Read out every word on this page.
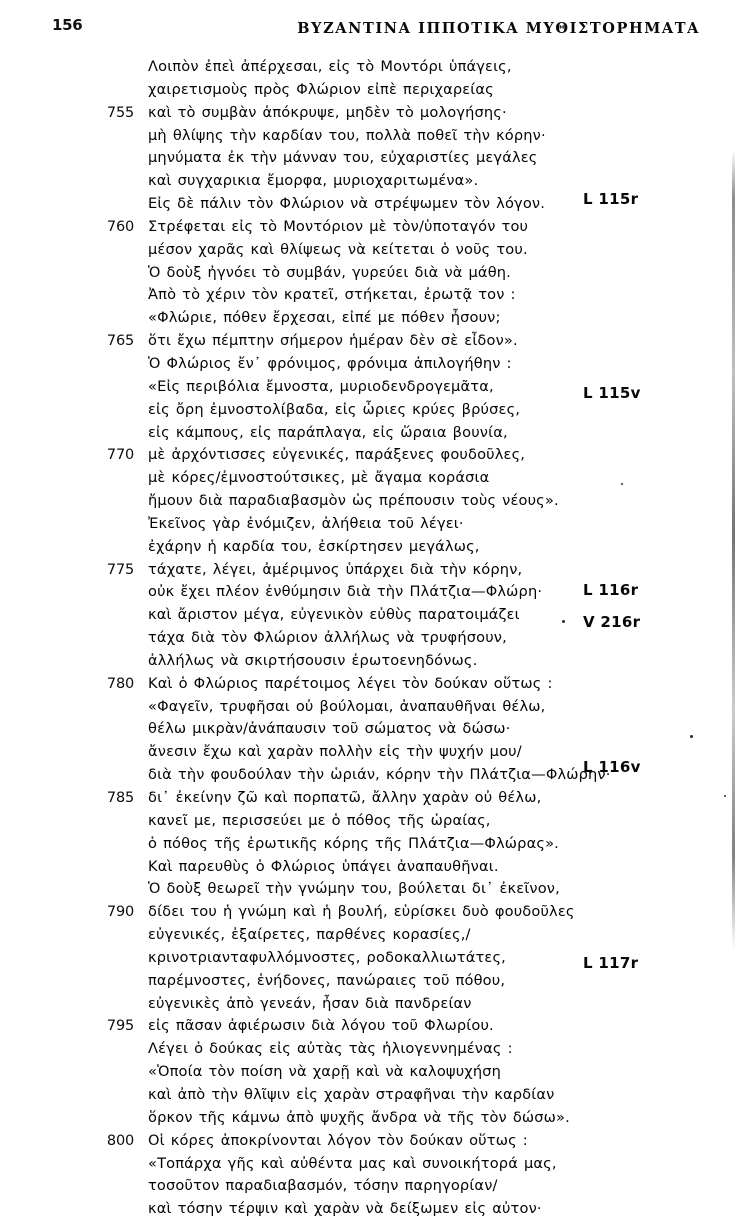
156	ΒΥΖΑΝΤΙΝΑ ΙΠΠΟΤΙΚΑ ΜΥΘΙΣΤΟΡΗΜΑΤΑ
Λοιπὸν ἐπεὶ ἀπέρχεσαι, εἰς τὸ Μοντόρι ὑπάγεις,
χαιρετισμοὺς πρὸς Φλώριον εἰπὲ περιχαρείας
755 καὶ τὸ συμβὰν ἀπόκρυψε, μηδὲν τὸ μολογήσης·
μὴ θλίψης τὴν καρδίαν του, πολλὰ ποθεῖ τὴν κόρην·
μηνύματα ἐκ τὴν μάνναν του, εὐχαριστίες μεγάλες
καὶ συγχαρικια ἔμορφα, μυριοχαριτωμένα».
Εἰς δὲ πάλιν τὸν Φλώριον νὰ στρέψωμεν τὸν λόγον.
760 Στρέφεται εἰς τὸ Μοντόριον μὲ τὸν/ὑποταγόν του
μέσον χαρᾶς καὶ θλίψεως νὰ κείτεται ὁ νοῦς του.
Ὁ δοὺξ ἠγνόει τὸ συμβάν, γυρεύει διὰ νὰ μάθη.
Ἀπὸ τὸ χέριν τὸν κρατεῖ, στήκεται, ἐρωτᾷ τον :
«Φλώριε, πόθεν ἔρχεσαι, εἰπέ με πόθεν ἦσουν;
765 ὅτι ἔχω πέμπτην σήμερον ἡμέραν δὲν σὲ εἶδον».
Ὁ Φλώριος ἔν᾽ φρόνιμος, φρόνιμα ἀπιλογήθην :
«Εἰς περιβόλια ἔμνοστα, μυριοδενδρογεμᾶτα,
εἰς ὄρη ἐμνοστολίβαδα, εἰς ὧριες κρύες βρύσες,
εἰς κάμπους, εἰς παράπλαγα, εἰς ὥραια βουνία,
770 μὲ ἀρχόντισσες εὐγενικές, παράξενες φουδοῦλες,
μὲ κόρες/ἐμνοστούτσικες, μὲ ἄγαμα κοράσια
ἤμουν διὰ παραδιαβασμὸν ὡς πρέπουσιν τοὺς νέους».
Ἐκεῖνος γὰρ ἐνόμιζεν, ἀλήθεια τοῦ λέγει·
ἐχάρην ἡ καρδία του, ἐσκίρτησεν μεγάλως,
775 τάχατε, λέγει, ἀμέριμνος ὑπάρχει διὰ τὴν κόρην,
οὐκ ἔχει πλέον ἐνθύμησιν διὰ τὴν Πλάτζια—Φλώρη·
καὶ ἄριστον μέγα, εὐγενικὸν εὐθὺς παρατοιμάζει
τάχα διὰ τὸν Φλώριον ἀλλήλως νὰ τρυφήσουν,
ἀλλήλως νὰ σκιρτήσουσιν ἐρωτοενηδόνως.
780 Καὶ ὁ Φλώριος παρέτοιμος λέγει τὸν δούκαν οὕτως :
«Φαγεῖν, τρυφῆσαι οὐ βούλομαι, ἀναπαυθῆναι θέλω,
θέλω μικρὰν/ἀνάπαυσιν τοῦ σώματος νὰ δώσω·
ἄνεσιν ἔχω καὶ χαρὰν πολλὴν εἰς τὴν ψυχήν μου/
διὰ τὴν φουδούλαν τὴν ὡριάν, κόρην τὴν Πλάτζια—Φλώρην·
785 δι᾽ ἐκείνην ζῶ καὶ πορπατῶ, ἄλλην χαρὰν οὐ θέλω,
κανεῖ με, περισσεύει με ὁ πόθος τῆς ὡραίας,
ὁ πόθος τῆς ἐρωτικῆς κόρης τῆς Πλάτζια—Φλώρας».
Καὶ παρευθὺς ὁ Φλώριος ὑπάγει ἀναπαυθῆναι.
Ὁ δοὺξ θεωρεῖ τὴν γνώμην του, βούλεται δι᾽ ἐκεῖνον,
790 δίδει του ἡ γνώμη καὶ ἡ βουλή, εὑρίσκει δυὸ φουδοῦλες
εὐγενικές, ἐξαίρετες, παρθένες κορασίες,/
κρινοτριανταφυλλόμνοστες, ροδοκαλλιωτάτες,
παρέμνοστες, ἐνήδονες, πανώραιες τοῦ πόθου,
εὐγενικὲς ἀπὸ γενεάν, ἦσαν διὰ πανδρείαν
795 εἰς πᾶσαν ἀφιέρωσιν διὰ λόγου τοῦ Φλωρίου.
Λέγει ὁ δούκας εἰς αὐτὰς τὰς ἡλιογεννημένας :
«Ὁποία τὸν ποίση νὰ χαρῇ καὶ νὰ καλοψυχήση
καὶ ἀπὸ τὴν θλῖψιν εἰς χαρὰν στραφῆναι τὴν καρδίαν
ὅρκον τῆς κάμνω ἀπὸ ψυχῆς ἄνδρα νὰ τῆς τὸν δώσω».
800 Οἱ κόρες ἀποκρίνονται λόγον τὸν δούκαν οὕτως :
«Τοπάρχα γῆς καὶ αὐθέντα μας καὶ συνοικήτορά μας,
τοσοῦτον παραδιαβασμόν, τόσην παρηγορίαν/
καὶ τόσην τέρψιν καὶ χαρὰν νὰ δείξωμεν εἰς αὐτον·
L 115r
L 115v
L 116r
V 216r
L 116v
L 117r
